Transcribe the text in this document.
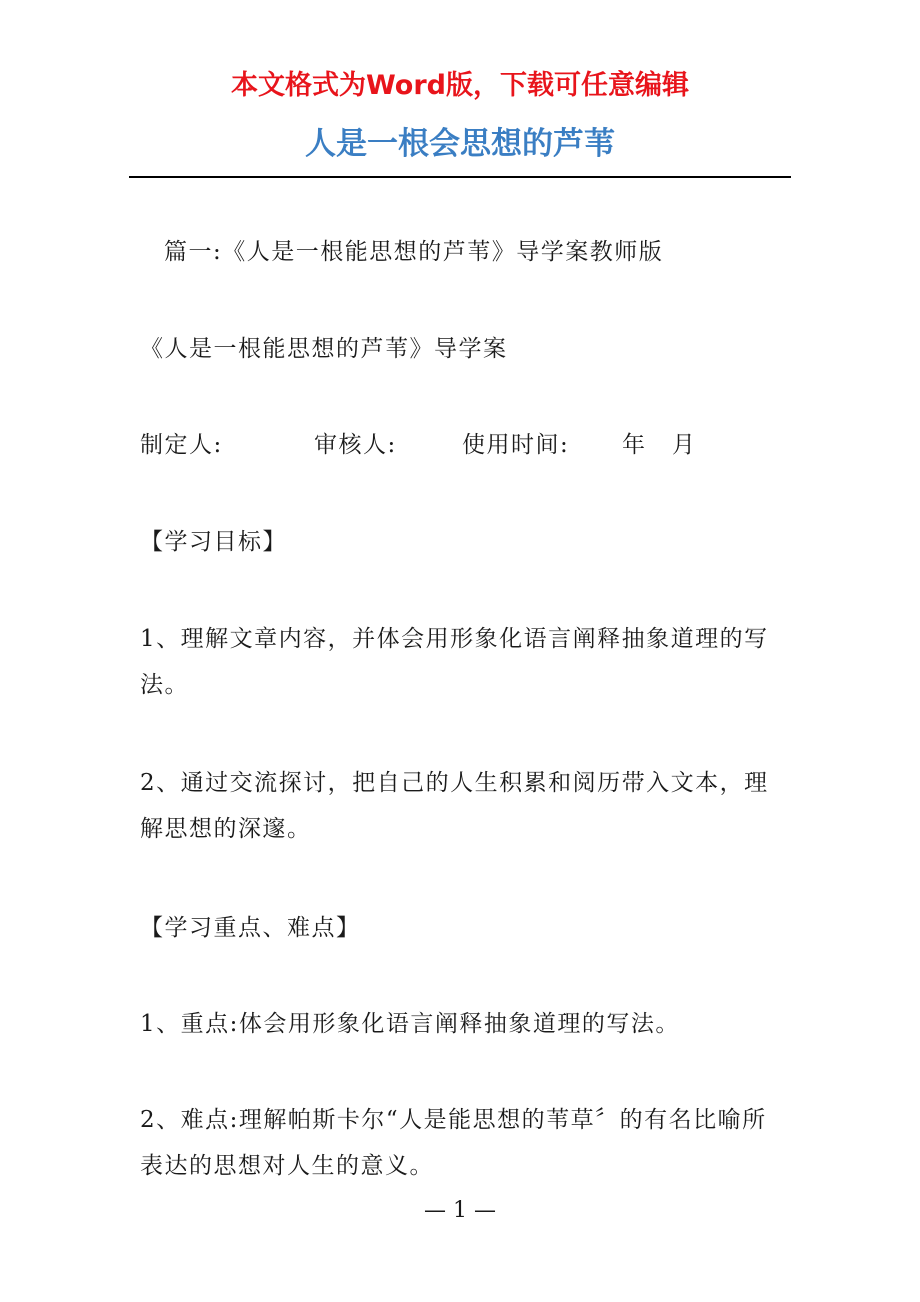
本文格式为Word版，下载可任意编辑
人是一根会思想的芦苇

篇一:《人是一根能思想的芦苇》导学案教师版

《人是一根能思想的芦苇》导学案

制定人:	审核人:	使用时间: 年 月

【学习目标】

1、理解文章内容，并体会用形象化语言阐释抽象道理的写法。

2、通过交流探讨，把自己的人生积累和阅历带入文本，理解思想的深邃。

【学习重点、难点】

1、重点:体会用形象化语言阐释抽象道理的写法。

2、难点:理解帕斯卡尔“人是能思想的苇草〞的有名比喻所表达的思想对人生的意义。

— 1 —
